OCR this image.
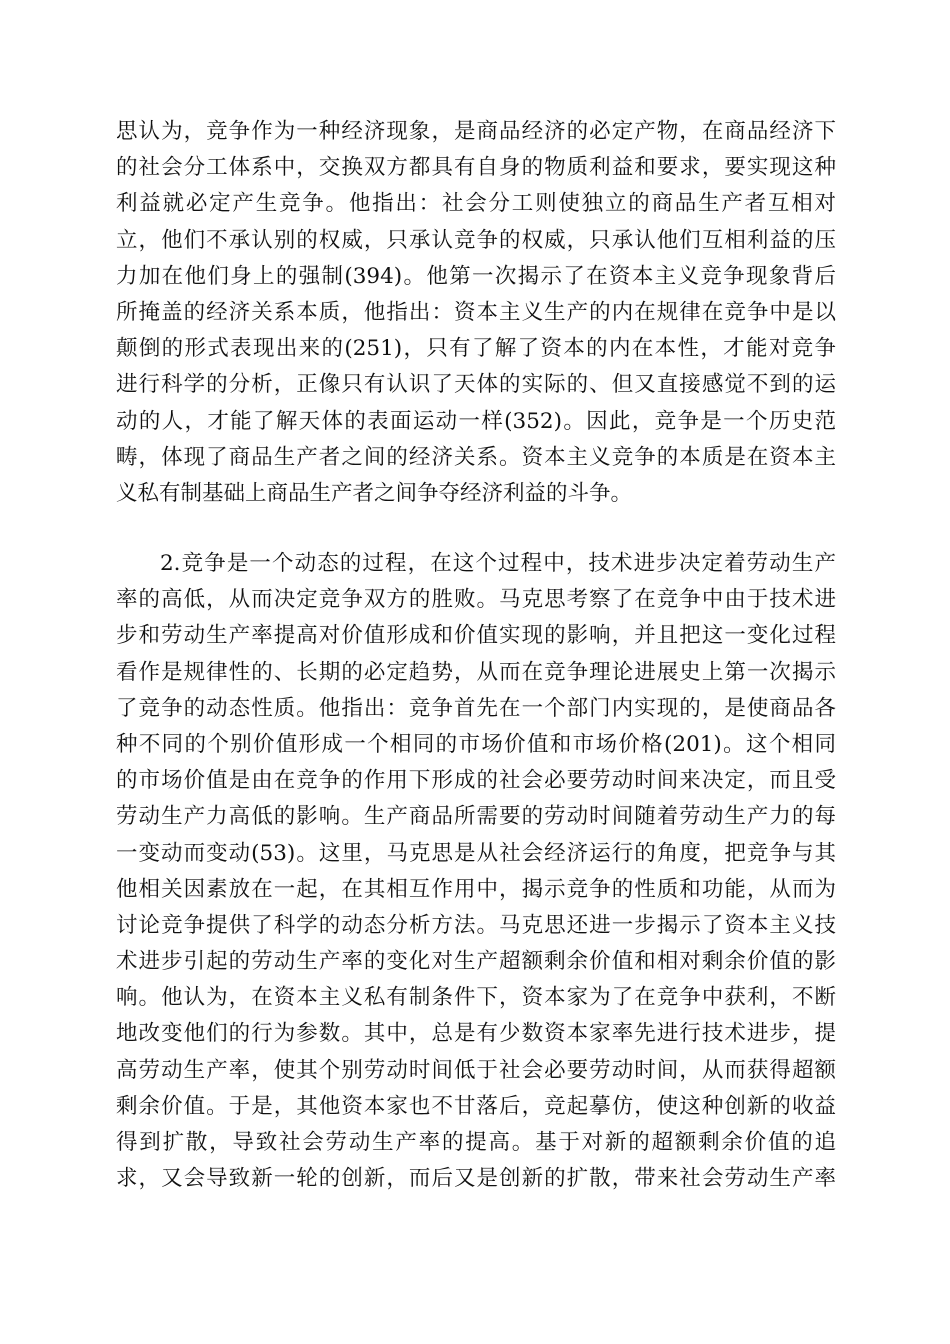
思认为，竞争作为一种经济现象，是商品经济的必定产物，在商品经济下
的社会分工体系中，交换双方都具有自身的物质利益和要求，要实现这种
利益就必定产生竞争。他指出：社会分工则使独立的商品生产者互相对
立，他们不承认别的权威，只承认竞争的权威，只承认他们互相利益的压
力加在他们身上的强制(394)。他第一次揭示了在资本主义竞争现象背后
所掩盖的经济关系本质，他指出：资本主义生产的内在规律在竞争中是以
颠倒的形式表现出来的(251)，只有了解了资本的内在本性，才能对竞争
进行科学的分析，正像只有认识了天体的实际的、但又直接感觉不到的运
动的人，才能了解天体的表面运动一样(352)。因此，竞争是一个历史范
畴，体现了商品生产者之间的经济关系。资本主义竞争的本质是在资本主
义私有制基础上商品生产者之间争夺经济利益的斗争。
2.竞争是一个动态的过程，在这个过程中，技术进步决定着劳动生产
率的高低，从而决定竞争双方的胜败。马克思考察了在竞争中由于技术进
步和劳动生产率提高对价值形成和价值实现的影响，并且把这一变化过程
看作是规律性的、长期的必定趋势，从而在竞争理论进展史上第一次揭示
了竞争的动态性质。他指出：竞争首先在一个部门内实现的，是使商品各
种不同的个别价值形成一个相同的市场价值和市场价格(201)。这个相同
的市场价值是由在竞争的作用下形成的社会必要劳动时间来决定，而且受
劳动生产力高低的影响。生产商品所需要的劳动时间随着劳动生产力的每
一变动而变动(53)。这里，马克思是从社会经济运行的角度，把竞争与其
他相关因素放在一起，在其相互作用中，揭示竞争的性质和功能，从而为
讨论竞争提供了科学的动态分析方法。马克思还进一步揭示了资本主义技
术进步引起的劳动生产率的变化对生产超额剩余价值和相对剩余价值的影
响。他认为，在资本主义私有制条件下，资本家为了在竞争中获利，不断
地改变他们的行为参数。其中，总是有少数资本家率先进行技术进步，提
高劳动生产率，使其个别劳动时间低于社会必要劳动时间，从而获得超额
剩余价值。于是，其他资本家也不甘落后，竞起摹仿，使这种创新的收益
得到扩散，导致社会劳动生产率的提高。基于对新的超额剩余价值的追
求，又会导致新一轮的创新，而后又是创新的扩散，带来社会劳动生产率
